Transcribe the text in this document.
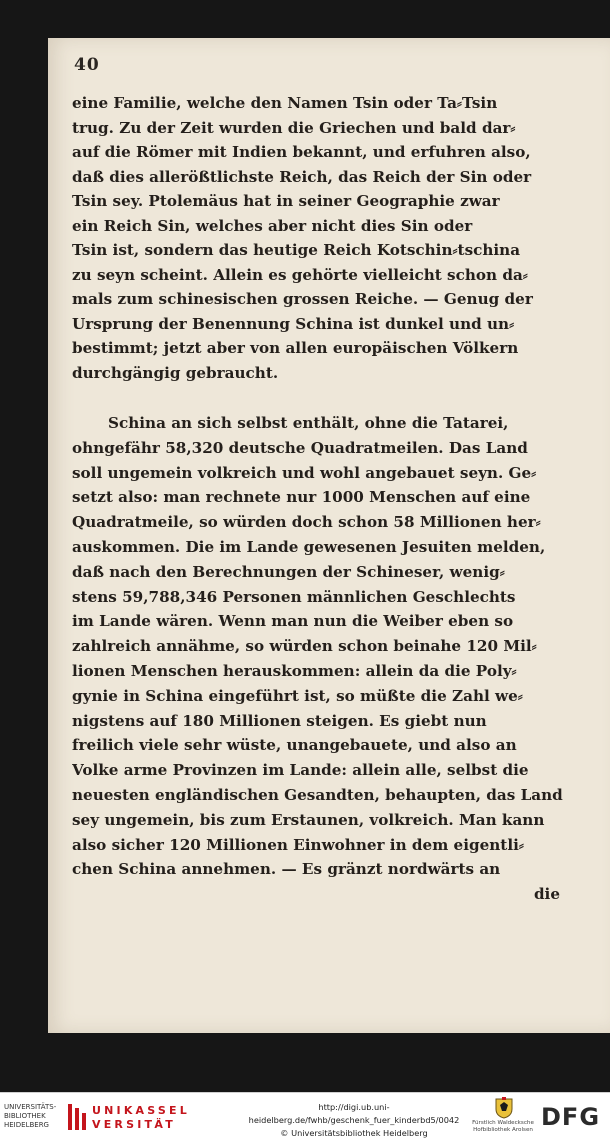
40
eine Familie, welche den Namen Tsin oder Ta⸗Tsin
trug. Zu der Zeit wurden die Griechen und bald dar⸗
auf die Römer mit Indien bekannt, und erfuhren also,
daß dies allerößtlichste Reich, das Reich der Sin oder
Tsin sey. Ptolemäus hat in seiner Geographie zwar
ein Reich Sin, welches aber nicht dies Sin oder
Tsin ist, sondern das heutige Reich Kotschin⸗tschina
zu seyn scheint. Allein es gehörte vielleicht schon da⸗
mals zum schinesischen grossen Reiche. — Genug der
Ursprung der Benennung Schina ist dunkel und un⸗
bestimmt; jetzt aber von allen europäischen Völkern
durchgängig gebraucht.
Schina an sich selbst enthält, ohne die Tatarei,
ohngefähr 58,320 deutsche Quadratmeilen. Das Land
soll ungemein volkreich und wohl angebauet seyn. Ge⸗
setzt also: man rechnete nur 1000 Menschen auf eine
Quadratmeile, so würden doch schon 58 Millionen her⸗
auskommen. Die im Lande gewesenen Jesuiten melden,
daß nach den Berechnungen der Schineser, wenig⸗
stens 59,788,346 Personen männlichen Geschlechts
im Lande wären. Wenn man nun die Weiber eben so
zahlreich annähme, so würden schon beinahe 120 Mil⸗
lionen Menschen herauskommen: allein da die Poly⸗
gynie in Schina eingeführt ist, so müßte die Zahl we⸗
nigstens auf 180 Millionen steigen. Es giebt nun
freilich viele sehr wüste, unangebauete, und also an
Volke arme Provinzen im Lande: allein alle, selbst die
neuesten engländischen Gesandten, behaupten, das Land
sey ungemein, bis zum Erstaunen, volkreich. Man kann
also sicher 120 Millionen Einwohner in dem eigentli⸗
chen Schina annehmen. — Es gränzt nordwärts an
die
UNIVERSITÄTS-
BIBLIOTHEK
HEIDELBERG
UNIKASSEL
VERSITÄT
http://digi.ub.uni-heidelberg.de/fwhb/geschenk_fuer_kinderbd5/0042
© Universitätsbibliothek Heidelberg
Fürstlich Waldecksche
Hofbibliothek Arolsen DFG
